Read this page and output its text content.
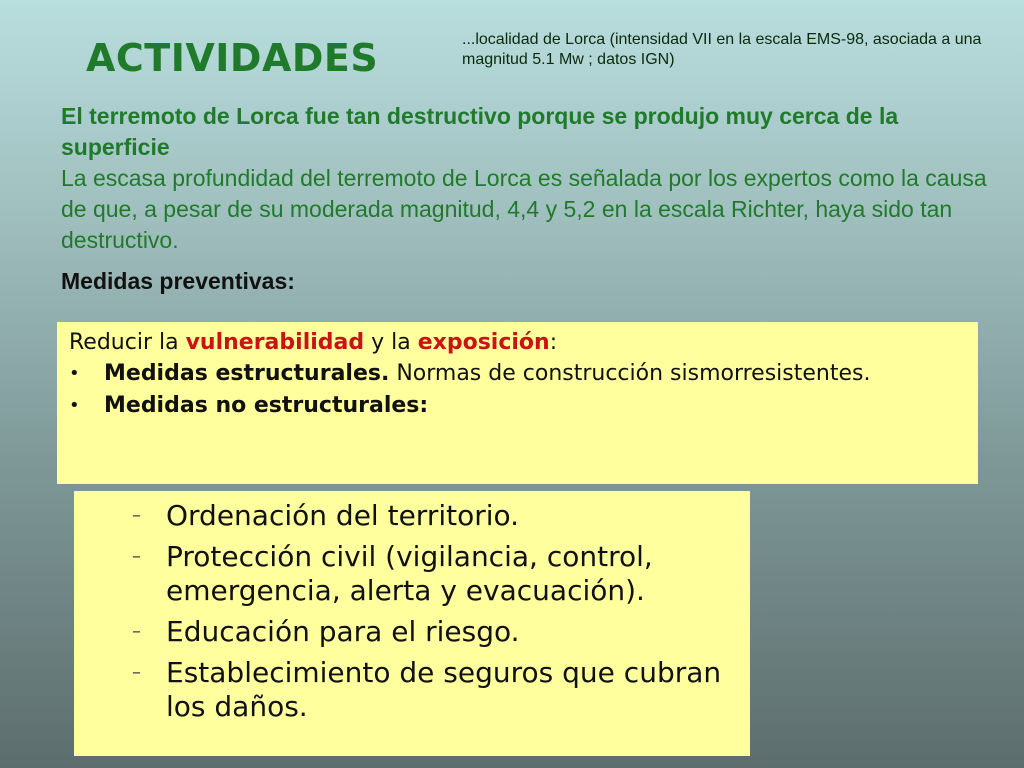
ACTIVIDADES	...localidad de Lorca (intensidad VII en la escala EMS-98, asociada a una magnitud 5.1 Mw ; datos IGN)
El terremoto de Lorca fue tan destructivo porque se produjo muy cerca de la superficie
La escasa profundidad del terremoto de Lorca es señalada por los expertos como la causa de que, a pesar de su moderada magnitud, 4,4 y 5,2 en la escala Richter, haya sido tan destructivo.
Medidas preventivas:
Reducir la vulnerabilidad y la exposición:
• Medidas estructurales. Normas de construcción sismorresistentes.
• Medidas no estructurales:
– Ordenación del territorio.
– Protección civil (vigilancia, control, emergencia, alerta y evacuación).
– Educación para el riesgo.
– Establecimiento de seguros que cubran los daños.
